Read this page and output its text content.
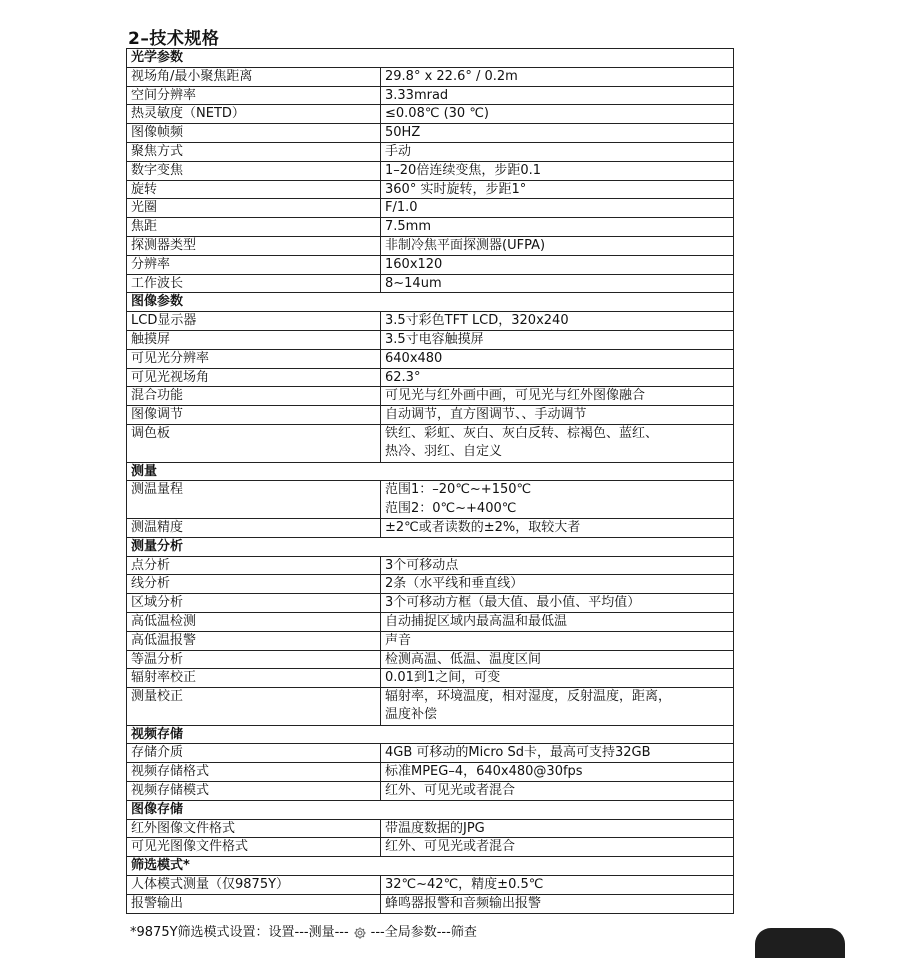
2–技术规格
光学参数
视场角/最小聚焦距离	29.8° x 22.6° / 0.2m
空间分辨率	3.33mrad
热灵敏度（NETD）	≤0.08℃ (30 ℃)
图像帧频	50HZ
聚焦方式	手动
数字变焦	1–20倍连续变焦，步距0.1
旋转	360° 实时旋转，步距1°
光圈	F/1.0
焦距	7.5mm
探测器类型	非制冷焦平面探测器(UFPA)
分辨率	160x120
工作波长	8~14um
图像参数
LCD显示器	3.5寸彩色TFT LCD，320x240
触摸屏	3.5寸电容触摸屏
可见光分辨率	640x480
可见光视场角	62.3°
混合功能	可见光与红外画中画，可见光与红外图像融合
图像调节	自动调节，直方图调节、、手动调节
调色板	铁红、彩虹、灰白、灰白反转、棕褐色、蓝红、
热冷、羽红、自定义
测量
测温量程	范围1：–20℃~+150℃
范围2：0℃~+400℃
测温精度	±2℃或者读数的±2%，取较大者
测量分析
点分析	3个可移动点
线分析	2条（水平线和垂直线）
区域分析	3个可移动方框（最大值、最小值、平均值）
高低温检测	自动捕捉区域内最高温和最低温
高低温报警	声音
等温分析	检测高温、低温、温度区间
辐射率校正	0.01到1之间，可变
测量校正	辐射率，环境温度，相对湿度，反射温度，距离，
温度补偿
视频存储
存储介质	4GB 可移动的Micro Sd卡，最高可支持32GB
视频存储格式	标准MPEG–4，640x480@30fps
视频存储模式	红外、可见光或者混合
图像存储
红外图像文件格式	带温度数据的JPG
可见光图像文件格式	红外、可见光或者混合
筛选模式*
人体模式测量（仅9875Y）	32℃~42℃，精度±0.5℃
报警输出	蜂鸣器报警和音频输出报警
*9875Y筛选模式设置：设置---测量--- ---全局参数---筛查
